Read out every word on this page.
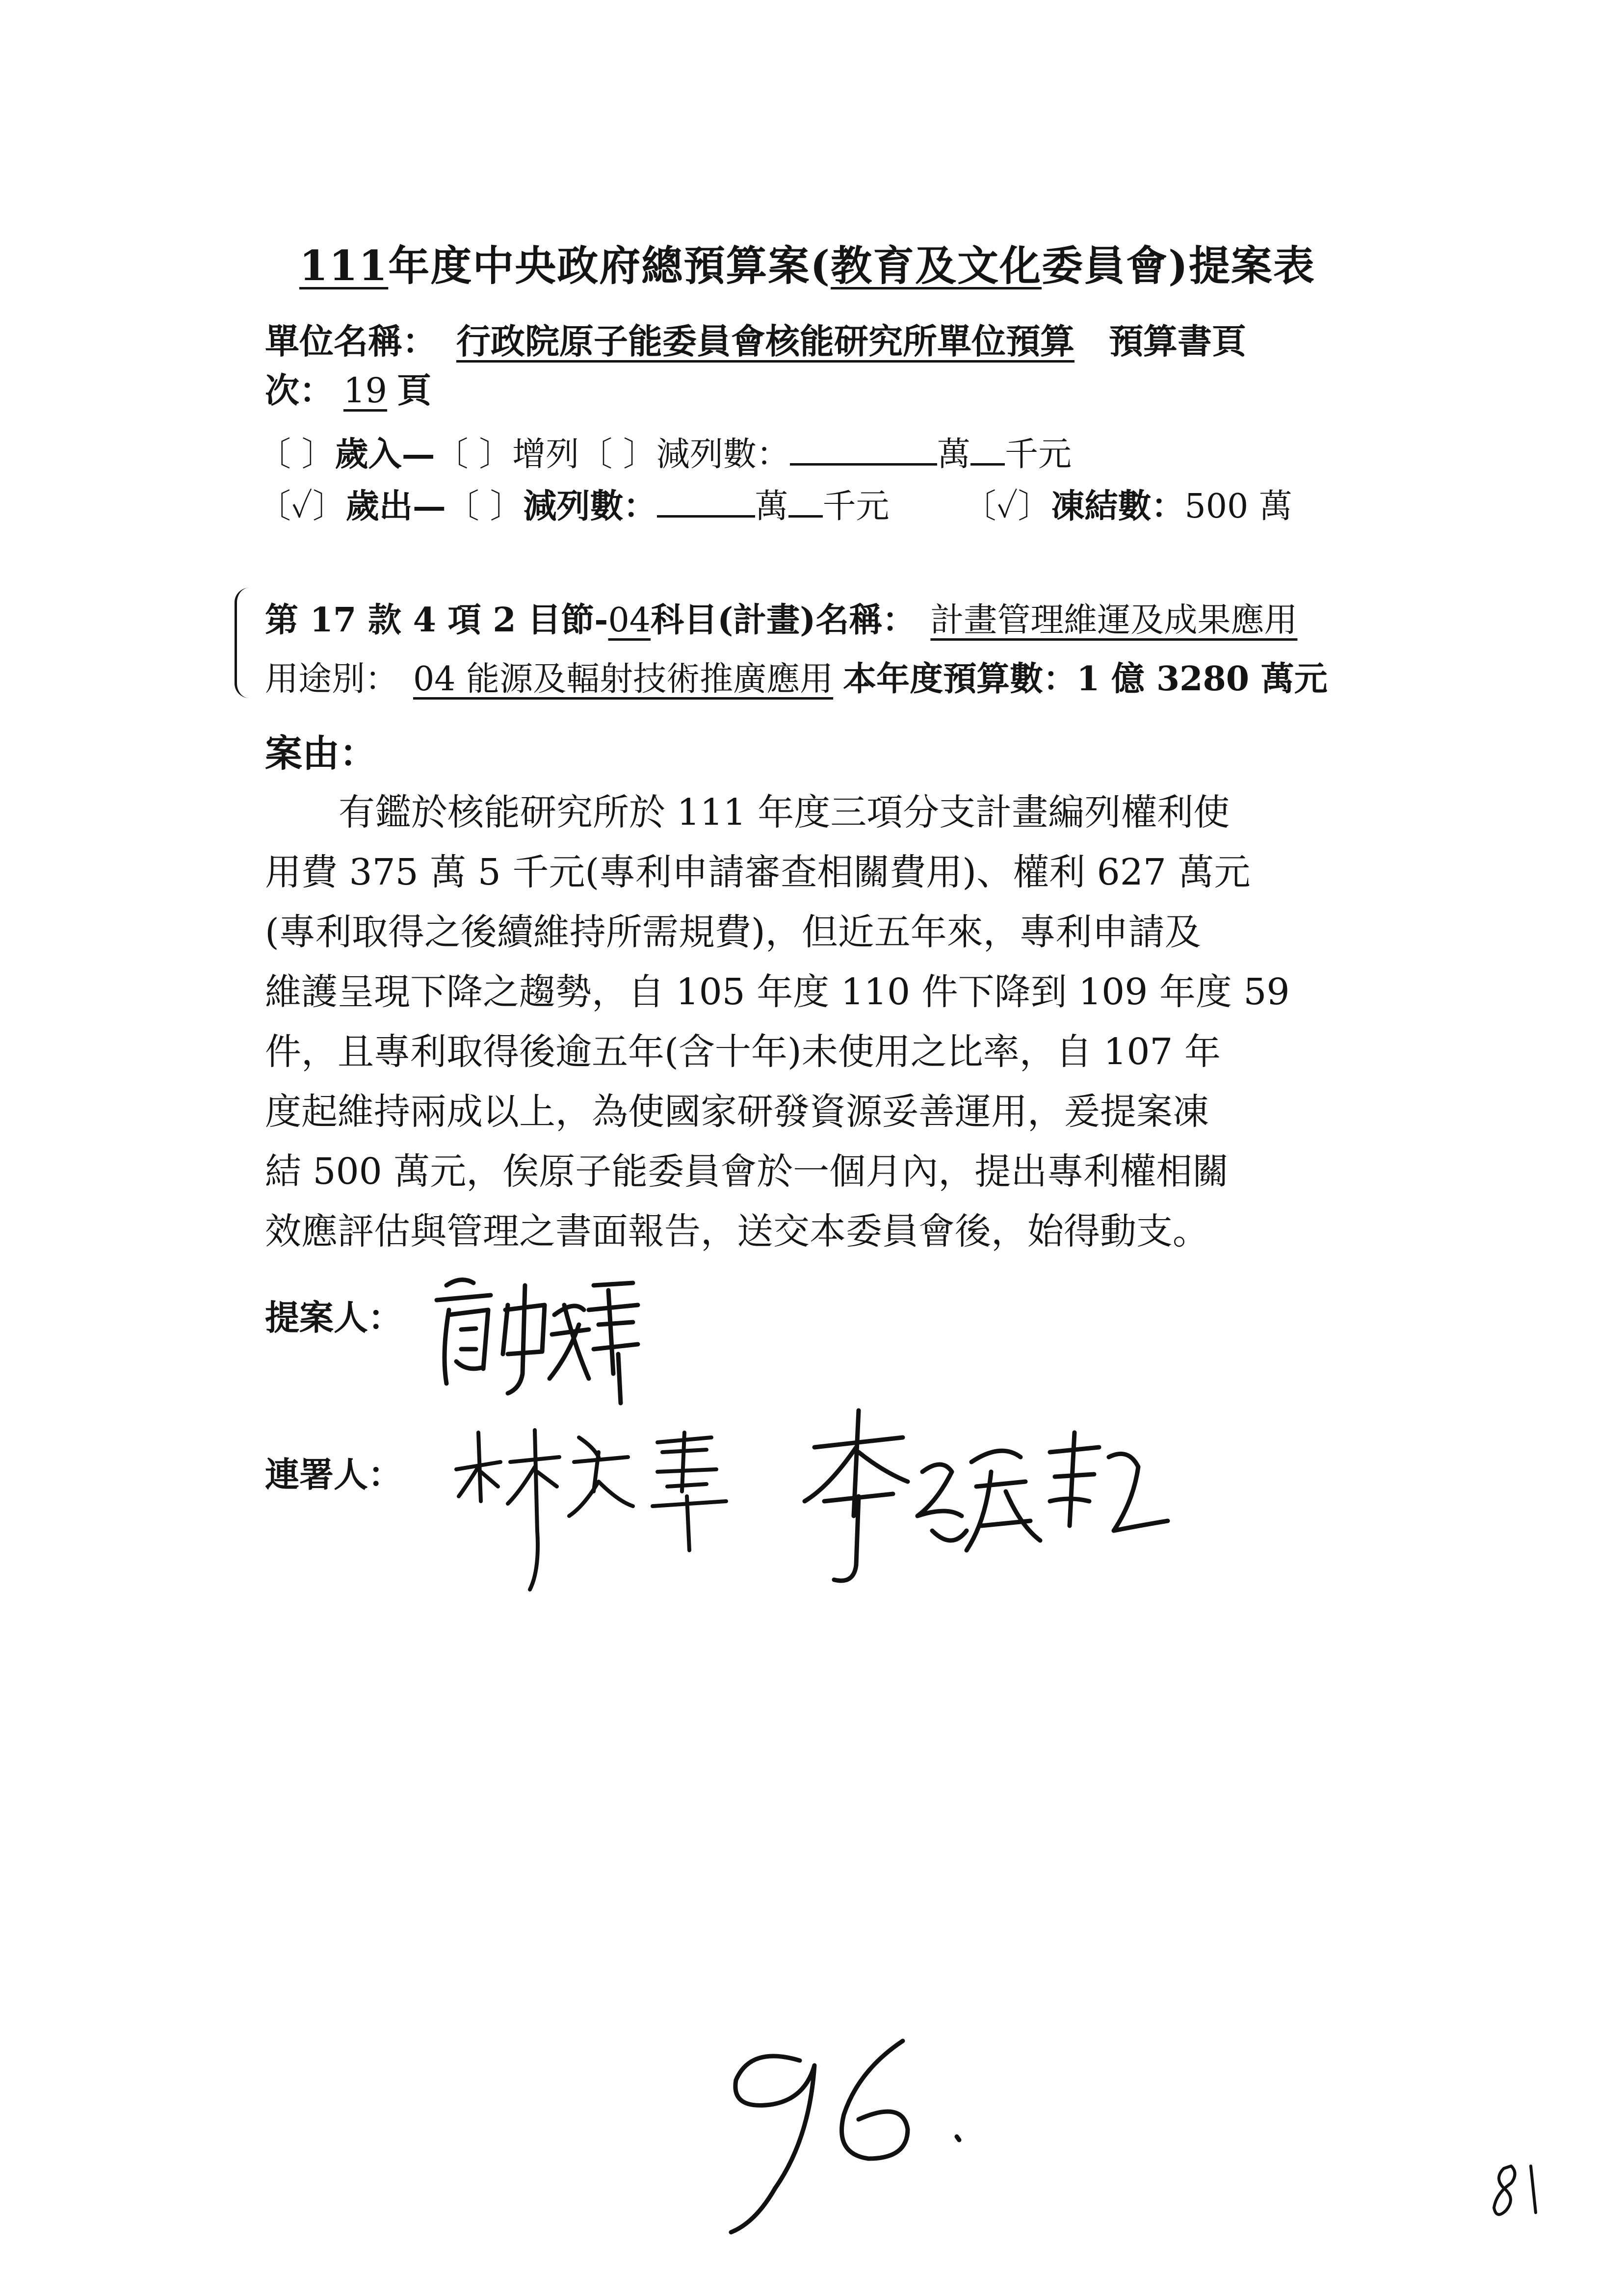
111年度中央政府總預算案(教育及文化委員會)提案表
單位名稱： 行政院原子能委員會核能研究所單位預算 預算書頁
次： 19 頁
〔 〕歲入—〔 〕增列〔 〕減列數：	萬 千元
〔✓〕歲出—〔 〕減列數：	萬 千元 〔✓〕凍結數：500 萬
第 17 款 4 項 2 目節-04科目(計畫)名稱： 計畫管理維運及成果應用
用途別： 04 能源及輻射技術推廣應用 本年度預算數：1 億 3280 萬元
案由：
有鑑於核能研究所於 111 年度三項分支計畫編列權利使
用費 375 萬 5 千元(專利申請審查相關費用)、權利 627 萬元
(專利取得之後續維持所需規費)，但近五年來，專利申請及
維護呈現下降之趨勢，自 105 年度 110 件下降到 109 年度 59
件，且專利取得後逾五年(含十年)未使用之比率，自 107 年
度起維持兩成以上，為使國家研發資源妥善運用，爰提案凍
結 500 萬元，俟原子能委員會於一個月內，提出專利權相關
效應評估與管理之書面報告，送交本委員會後，始得動支。
提案人：
連署人：
